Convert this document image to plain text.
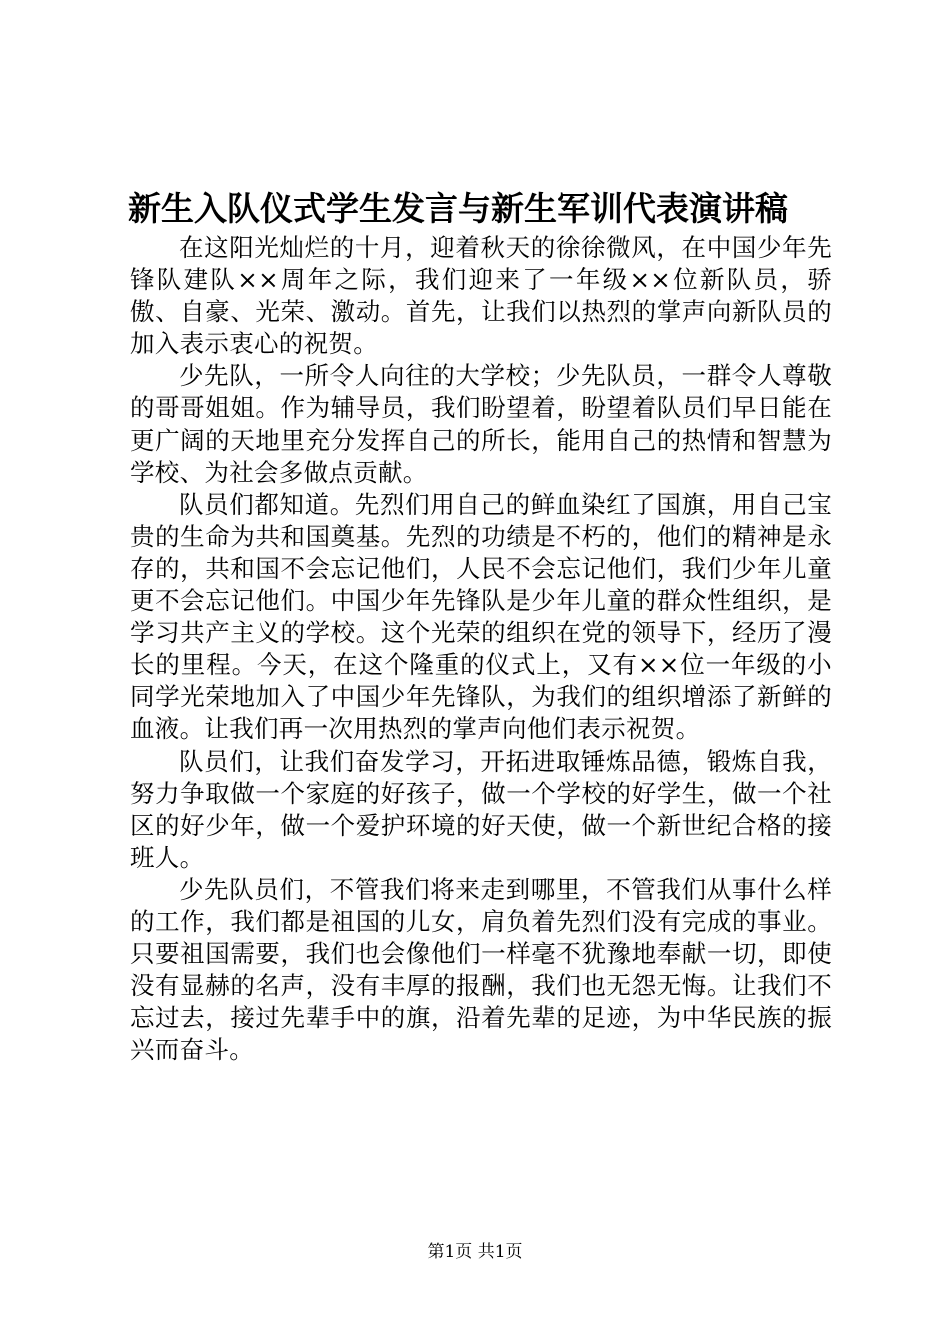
新生入队仪式学生发言与新生军训代表演讲稿

在这阳光灿烂的十月，迎着秋天的徐徐微风，在中国少年先锋队建队××周年之际，我们迎来了一年级××位新队员，骄傲、自豪、光荣、激动。首先，让我们以热烈的掌声向新队员的加入表示衷心的祝贺。

少先队，一所令人向往的大学校；少先队员，一群令人尊敬的哥哥姐姐。作为辅导员，我们盼望着，盼望着队员们早日能在更广阔的天地里充分发挥自己的所长，能用自己的热情和智慧为学校、为社会多做点贡献。

队员们都知道。先烈们用自己的鲜血染红了国旗，用自己宝贵的生命为共和国奠基。先烈的功绩是不朽的，他们的精神是永存的，共和国不会忘记他们，人民不会忘记他们，我们少年儿童更不会忘记他们。中国少年先锋队是少年儿童的群众性组织，是学习共产主义的学校。这个光荣的组织在党的领导下，经历了漫长的里程。今天，在这个隆重的仪式上，又有××位一年级的小同学光荣地加入了中国少年先锋队，为我们的组织增添了新鲜的血液。让我们再一次用热烈的掌声向他们表示祝贺。

队员们，让我们奋发学习，开拓进取锤炼品德，锻炼自我，努力争取做一个家庭的好孩子，做一个学校的好学生，做一个社区的好少年，做一个爱护环境的好天使，做一个新世纪合格的接班人。

少先队员们，不管我们将来走到哪里，不管我们从事什么样的工作，我们都是祖国的儿女，肩负着先烈们没有完成的事业。只要祖国需要，我们也会像他们一样毫不犹豫地奉献一切，即使没有显赫的名声，没有丰厚的报酬，我们也无怨无悔。让我们不忘过去，接过先辈手中的旗，沿着先辈的足迹，为中华民族的振兴而奋斗。

第1页 共1页
